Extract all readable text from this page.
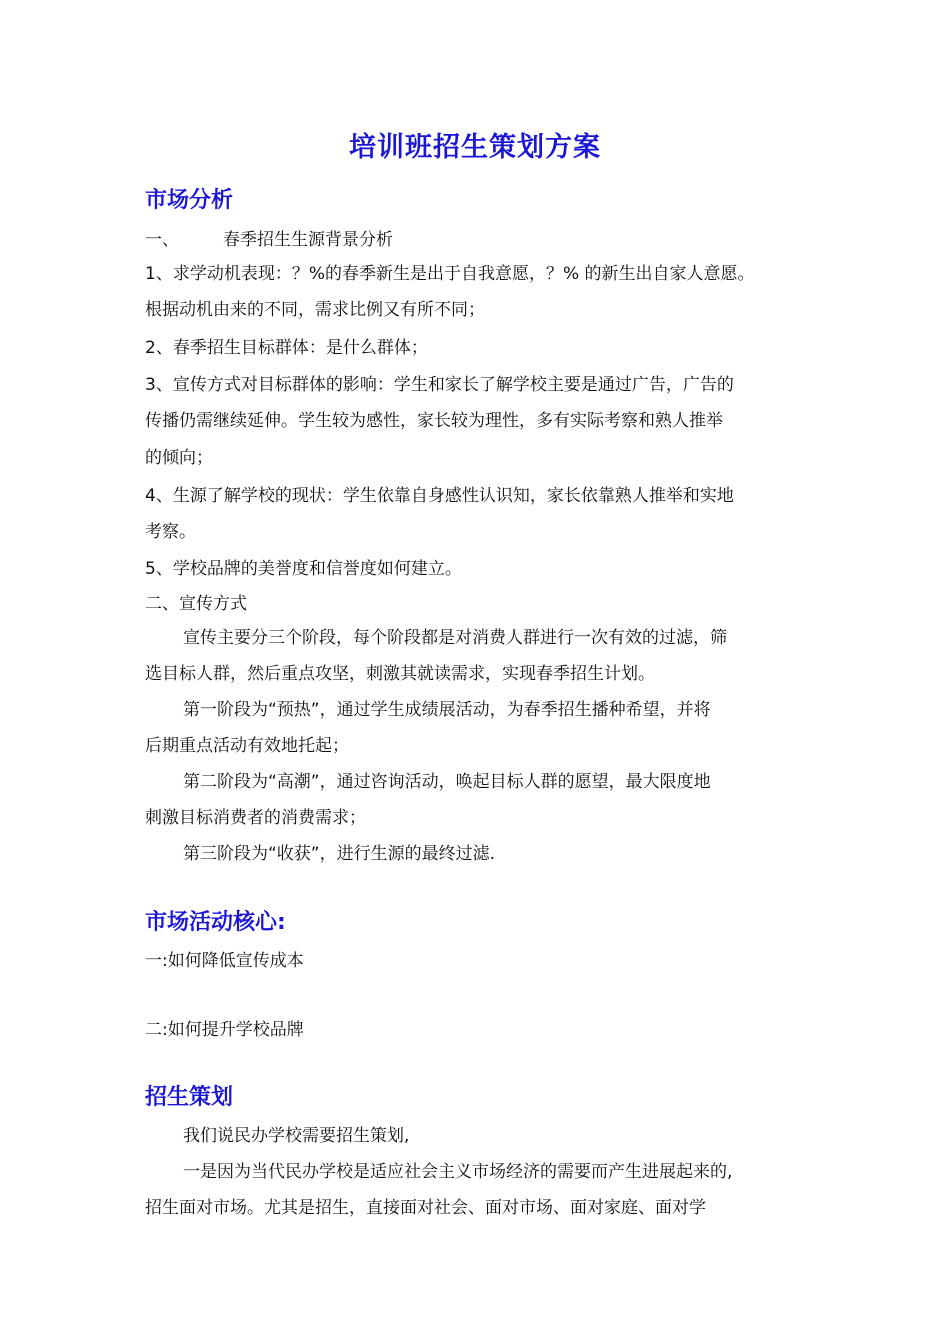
培训班招生策划方案
市场分析
一、	春季招生生源背景分析
1、求学动机表现：？%的春季新生是出于自我意愿，？% 的新生出自家人意愿。
根据动机由来的不同，需求比例又有所不同；
2、春季招生目标群体：是什么群体；
3、宣传方式对目标群体的影响：学生和家长了解学校主要是通过广告，广告的
传播仍需继续延伸。学生较为感性，家长较为理性，多有实际考察和熟人推举
的倾向；
4、生源了解学校的现状：学生依靠自身感性认识知，家长依靠熟人推举和实地
考察。
5、学校品牌的美誉度和信誉度如何建立。
二、宣传方式
宣传主要分三个阶段，每个阶段都是对消费人群进行一次有效的过滤，筛
选目标人群，然后重点攻坚，刺激其就读需求，实现春季招生计划。
第一阶段为“预热”，通过学生成绩展活动，为春季招生播种希望，并将
后期重点活动有效地托起；
第二阶段为“高潮”，通过咨询活动，唤起目标人群的愿望，最大限度地
刺激目标消费者的消费需求；
第三阶段为“收获”，进行生源的最终过滤.
市场活动核心:
一:如何降低宣传成本
二:如何提升学校品牌
招生策划
我们说民办学校需要招生策划,
一是因为当代民办学校是适应社会主义市场经济的需要而产生进展起来的,
招生面对市场。尤其是招生，直接面对社会、面对市场、面对家庭、面对学
